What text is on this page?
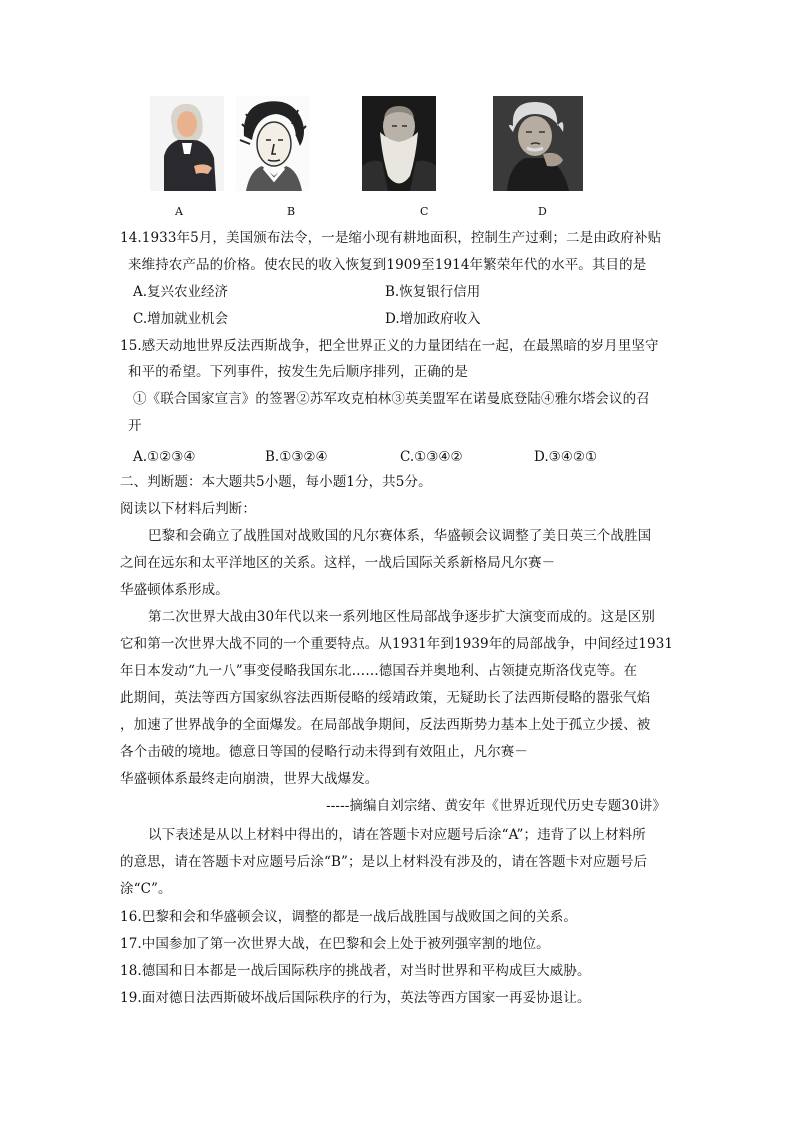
A	B	C	D
14.1933年5月，美国颁布法令，一是缩小现有耕地面积，控制生产过剩；二是由政府补贴
来维持农产品的价格。使农民的收入恢复到1909至1914年繁荣年代的水平。其目的是
A.复兴农业经济	B.恢复银行信用
C.增加就业机会	D.增加政府收入
15.感天动地世界反法西斯战争，把全世界正义的力量团结在一起，在最黑暗的岁月里坚守
和平的希望。下列事件，按发生先后顺序排列，正确的是
①《联合国家宣言》的签署②苏军攻克柏林③英美盟军在诺曼底登陆④雅尔塔会议的召
开
A.①②③④	B.①③②④	C.①③④②	D.③④②①
二、判断题：本大题共5小题，每小题1分，共5分。
阅读以下材料后判断：
巴黎和会确立了战胜国对战败国的凡尔赛体系，华盛顿会议调整了美日英三个战胜国
之间在远东和太平洋地区的关系。这样，一战后国际关系新格局凡尔赛－
华盛顿体系形成。
第二次世界大战由30年代以来一系列地区性局部战争逐步扩大演变而成的。这是区别
它和第一次世界大战不同的一个重要特点。从1931年到1939年的局部战争，中间经过1931
年日本发动“九一八”事变侵略我国东北……德国吞并奥地利、占领捷克斯洛伐克等。在
此期间，英法等西方国家纵容法西斯侵略的绥靖政策，无疑助长了法西斯侵略的嚣张气焰
，加速了世界战争的全面爆发。在局部战争期间，反法西斯势力基本上处于孤立少援、被
各个击破的境地。德意日等国的侵略行动未得到有效阻止，凡尔赛－
华盛顿体系最终走向崩溃，世界大战爆发。
-----摘编自刘宗绪、黄安年《世界近现代历史专题30讲》
以下表述是从以上材料中得出的，请在答题卡对应题号后涂“A”；违背了以上材料所
的意思，请在答题卡对应题号后涂“B”；是以上材料没有涉及的，请在答题卡对应题号后
涂“C”。
16.巴黎和会和华盛顿会议，调整的都是一战后战胜国与战败国之间的关系。
17.中国参加了第一次世界大战，在巴黎和会上处于被列强宰割的地位。
18.德国和日本都是一战后国际秩序的挑战者，对当时世界和平构成巨大威胁。
19.面对德日法西斯破坏战后国际秩序的行为，英法等西方国家一再妥协退让。
